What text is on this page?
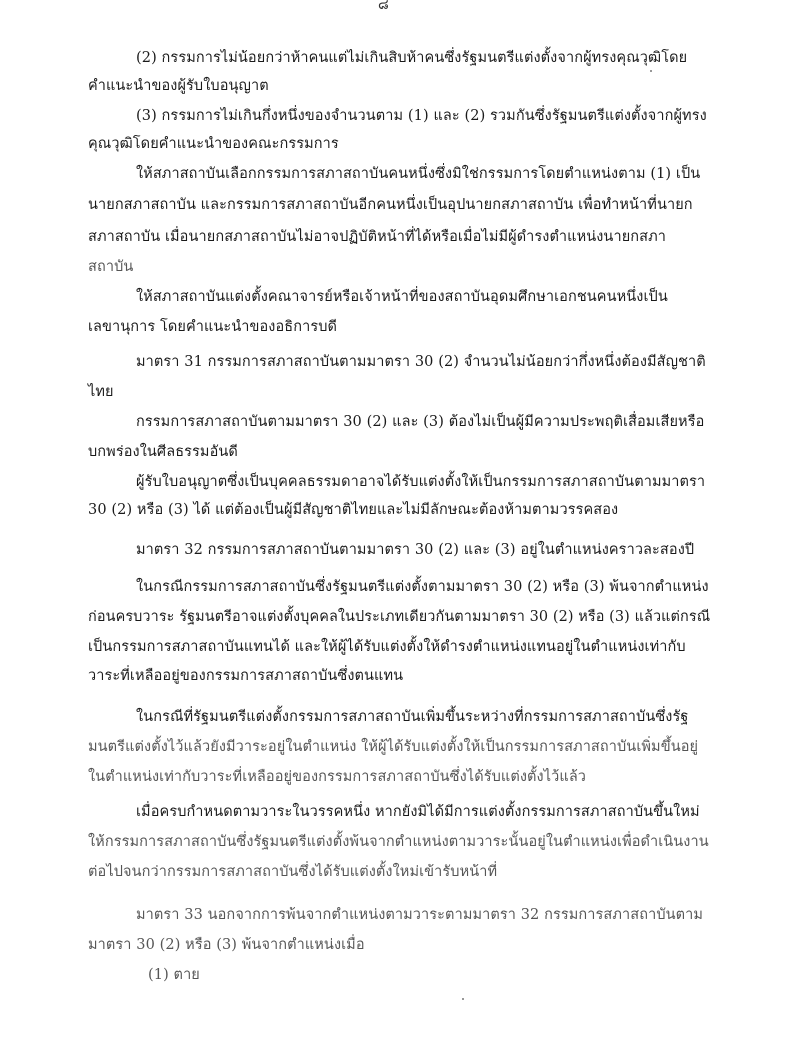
๘
(2) กรรมการไม่น้อยกว่าห้าคนแต่ไม่เกินสิบห้าคนซึ่งรัฐมนตรีแต่งตั้งจากผู้ทรงคุณวุฒิโดย
คำแนะนำของผู้รับใบอนุญาต
(3) กรรมการไม่เกินกึ่งหนึ่งของจำนวนตาม (1) และ (2) รวมกันซึ่งรัฐมนตรีแต่งตั้งจากผู้ทรง
คุณวุฒิโดยคำแนะนำของคณะกรรมการ
ให้สภาสถาบันเลือกกรรมการสภาสถาบันคนหนึ่งซึ่งมิใช่กรรมการโดยตำแหน่งตาม (1) เป็น
นายกสภาสถาบัน และกรรมการสภาสถาบันอีกคนหนึ่งเป็นอุปนายกสภาสถาบัน เพื่อทำหน้าที่นายก
สภาสถาบัน เมื่อนายกสภาสถาบันไม่อาจปฏิบัติหน้าที่ได้หรือเมื่อไม่มีผู้ดำรงตำแหน่งนายกสภา
สถาบัน
ให้สภาสถาบันแต่งตั้งคณาจารย์หรือเจ้าหน้าที่ของสถาบันอุดมศึกษาเอกชนคนหนึ่งเป็น
เลขานุการ โดยคำแนะนำของอธิการบดี
มาตรา 31 กรรมการสภาสถาบันตามมาตรา 30 (2) จำนวนไม่น้อยกว่ากึ่งหนึ่งต้องมีสัญชาติ
ไทย
กรรมการสภาสถาบันตามมาตรา 30 (2) และ (3) ต้องไม่เป็นผู้มีความประพฤติเสื่อมเสียหรือ
บกพร่องในศีลธรรมอันดี
ผู้รับใบอนุญาตซึ่งเป็นบุคคลธรรมดาอาจได้รับแต่งตั้งให้เป็นกรรมการสภาสถาบันตามมาตรา
30 (2) หรือ (3) ได้ แต่ต้องเป็นผู้มีสัญชาติไทยและไม่มีลักษณะต้องห้ามตามวรรคสอง
มาตรา 32 กรรมการสภาสถาบันตามมาตรา 30 (2) และ (3) อยู่ในตำแหน่งคราวละสองปี
ในกรณีกรรมการสภาสถาบันซึ่งรัฐมนตรีแต่งตั้งตามมาตรา 30 (2) หรือ (3) พ้นจากตำแหน่ง
ก่อนครบวาระ รัฐมนตรีอาจแต่งตั้งบุคคลในประเภทเดียวกันตามมาตรา 30 (2) หรือ (3) แล้วแต่กรณี
เป็นกรรมการสภาสถาบันแทนได้ และให้ผู้ได้รับแต่งตั้งให้ดำรงตำแหน่งแทนอยู่ในตำแหน่งเท่ากับ
วาระที่เหลืออยู่ของกรรมการสภาสถาบันซึ่งตนแทน
ในกรณีที่รัฐมนตรีแต่งตั้งกรรมการสภาสถาบันเพิ่มขึ้นระหว่างที่กรรมการสภาสถาบันซึ่งรัฐ
มนตรีแต่งตั้งไว้แล้วยังมีวาระอยู่ในตำแหน่ง ให้ผู้ได้รับแต่งตั้งให้เป็นกรรมการสภาสถาบันเพิ่มขึ้นอยู่
ในตำแหน่งเท่ากับวาระที่เหลืออยู่ของกรรมการสภาสถาบันซึ่งได้รับแต่งตั้งไว้แล้ว
เมื่อครบกำหนดตามวาระในวรรคหนึ่ง หากยังมิได้มีการแต่งตั้งกรรมการสภาสถาบันขึ้นใหม่
ให้กรรมการสภาสถาบันซึ่งรัฐมนตรีแต่งตั้งพ้นจากตำแหน่งตามวาระนั้นอยู่ในตำแหน่งเพื่อดำเนินงาน
ต่อไปจนกว่ากรรมการสภาสถาบันซึ่งได้รับแต่งตั้งใหม่เข้ารับหน้าที่
มาตรา 33 นอกจากการพ้นจากตำแหน่งตามวาระตามมาตรา 32 กรรมการสภาสถาบันตาม
มาตรา 30 (2) หรือ (3) พ้นจากตำแหน่งเมื่อ
(1) ตาย
